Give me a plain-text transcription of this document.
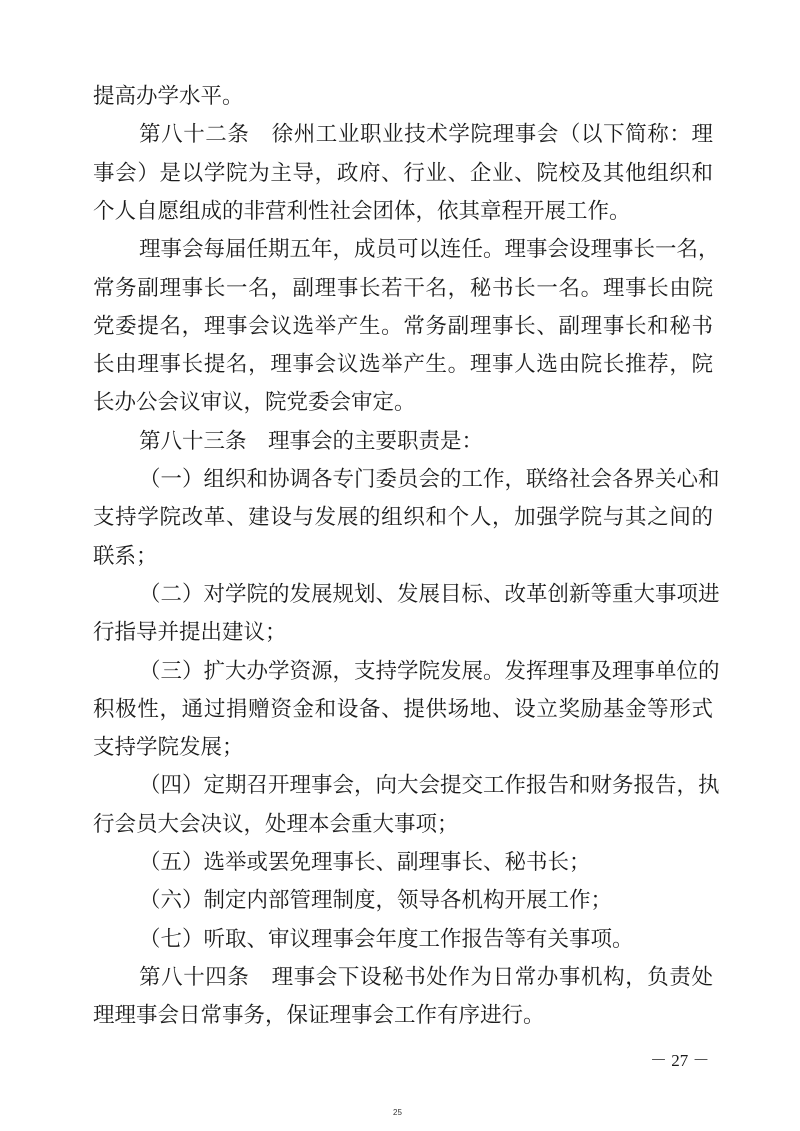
提高办学水平。
第八十二条　徐州工业职业技术学院理事会（以下简称：理
事会）是以学院为主导，政府、行业、企业、院校及其他组织和
个人自愿组成的非营利性社会团体，依其章程开展工作。
理事会每届任期五年，成员可以连任。理事会设理事长一名，
常务副理事长一名，副理事长若干名，秘书长一名。理事长由院
党委提名，理事会议选举产生。常务副理事长、副理事长和秘书
长由理事长提名，理事会议选举产生。理事人选由院长推荐，院
长办公会议审议，院党委会审定。
第八十三条　理事会的主要职责是：
（一）组织和协调各专门委员会的工作，联络社会各界关心和
支持学院改革、建设与发展的组织和个人，加强学院与其之间的
联系；
（二）对学院的发展规划、发展目标、改革创新等重大事项进
行指导并提出建议；
（三）扩大办学资源，支持学院发展。发挥理事及理事单位的
积极性，通过捐赠资金和设备、提供场地、设立奖励基金等形式
支持学院发展；
（四）定期召开理事会，向大会提交工作报告和财务报告，执
行会员大会决议，处理本会重大事项；
（五）选举或罢免理事长、副理事长、秘书长；
（六）制定内部管理制度，领导各机构开展工作；
（七）听取、审议理事会年度工作报告等有关事项。
第八十四条　理事会下设秘书处作为日常办事机构，负责处
理理事会日常事务，保证理事会工作有序进行。
－ 27 －
25
